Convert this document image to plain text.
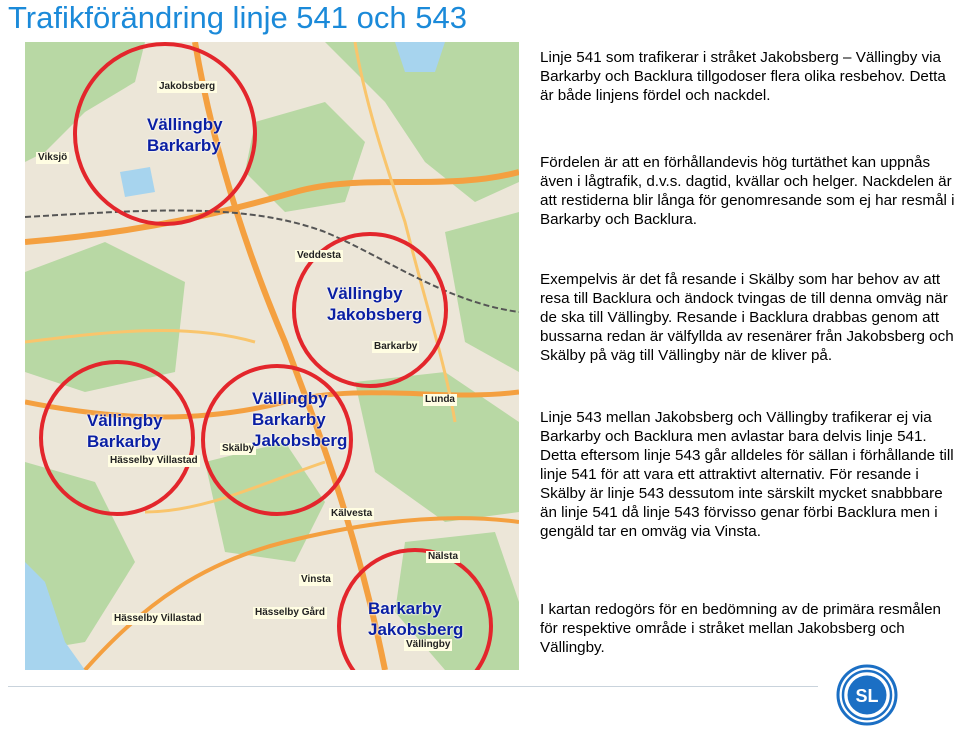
Trafikförändring linje 541 och 543
Jakobsberg
Viksjö
Veddesta
Barkarby
Lunda
Skälby
Hässelby Villastad
Kälvesta
Nälsta
Vinsta
Hässelby Gård
Hässelby Villastad
Vällingby
Vällingby
Barkarby
Vällingby
Jakobsberg
Vällingby
Barkarby
Vällingby
Barkarby
Jakobsberg
Barkarby
Jakobsberg

Linje 541 som trafikerar i stråket Jakobsberg – Vällingby via Barkarby och Backlura tillgodoser flera olika resbehov. Detta är både linjens fördel och nackdel.

Fördelen är att en förhållandevis hög turtäthet kan uppnås även i lågtrafik, d.v.s. dagtid, kvällar och helger. Nackdelen är att restiderna blir långa för genomresande som ej har resmål i Barkarby och Backlura.

Exempelvis är det få resande i Skälby som har behov av att resa till Backlura och ändock tvingas de till denna omväg när de ska till Vällingby. Resande i Backlura drabbas genom att bussarna redan är välfyllda av resenärer från Jakobsberg och Skälby på väg till Vällingby när de kliver på.

Linje 543 mellan Jakobsberg och Vällingby trafikerar ej via Barkarby och Backlura men avlastar bara delvis linje 541. Detta eftersom linje 543 går alldeles för sällan i förhållande till linje 541 för att vara ett attraktivt alternativ. För resande i Skälby är linje 543 dessutom inte särskilt mycket snabbbare än linje 541 då linje 543 förvisso genar förbi Backlura men i gengäld tar en omväg via Vinsta.

I kartan redogörs för en bedömning av de primära resmålen för respektive område i stråket mellan Jakobsberg och Vällingby.

SL
